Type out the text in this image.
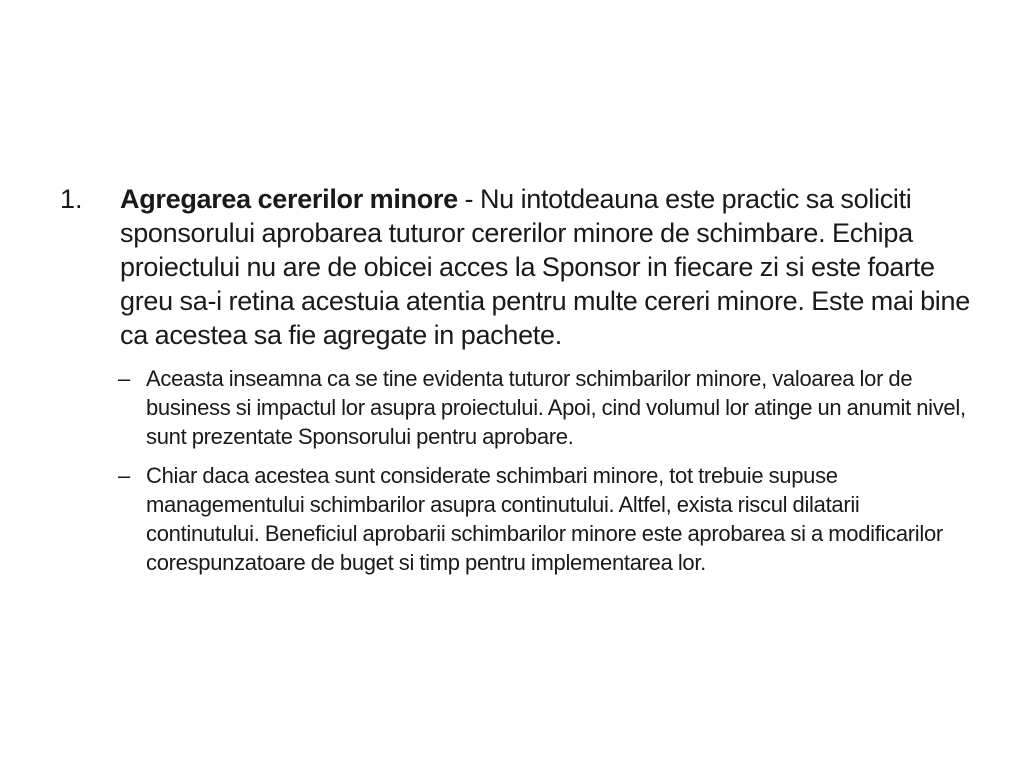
1. Agregarea cererilor minore - Nu intotdeauna este practic sa soliciti sponsorului aprobarea tuturor cererilor minore de schimbare. Echipa proiectului nu are de obicei acces la Sponsor in fiecare zi si este foarte greu sa-i retina acestuia atentia pentru multe cereri minore. Este mai bine ca acestea sa fie agregate in pachete.
– Aceasta inseamna ca se tine evidenta tuturor schimbarilor minore, valoarea lor de business si impactul lor asupra proiectului. Apoi, cind volumul lor atinge un anumit nivel, sunt prezentate Sponsorului pentru aprobare.
– Chiar daca acestea sunt considerate schimbari minore, tot trebuie supuse managementului schimbarilor asupra continutului. Altfel, exista riscul dilatarii continutului. Beneficiul aprobarii schimbarilor minore este aprobarea si a modificarilor corespunzatoare de buget si timp pentru implementarea lor.
